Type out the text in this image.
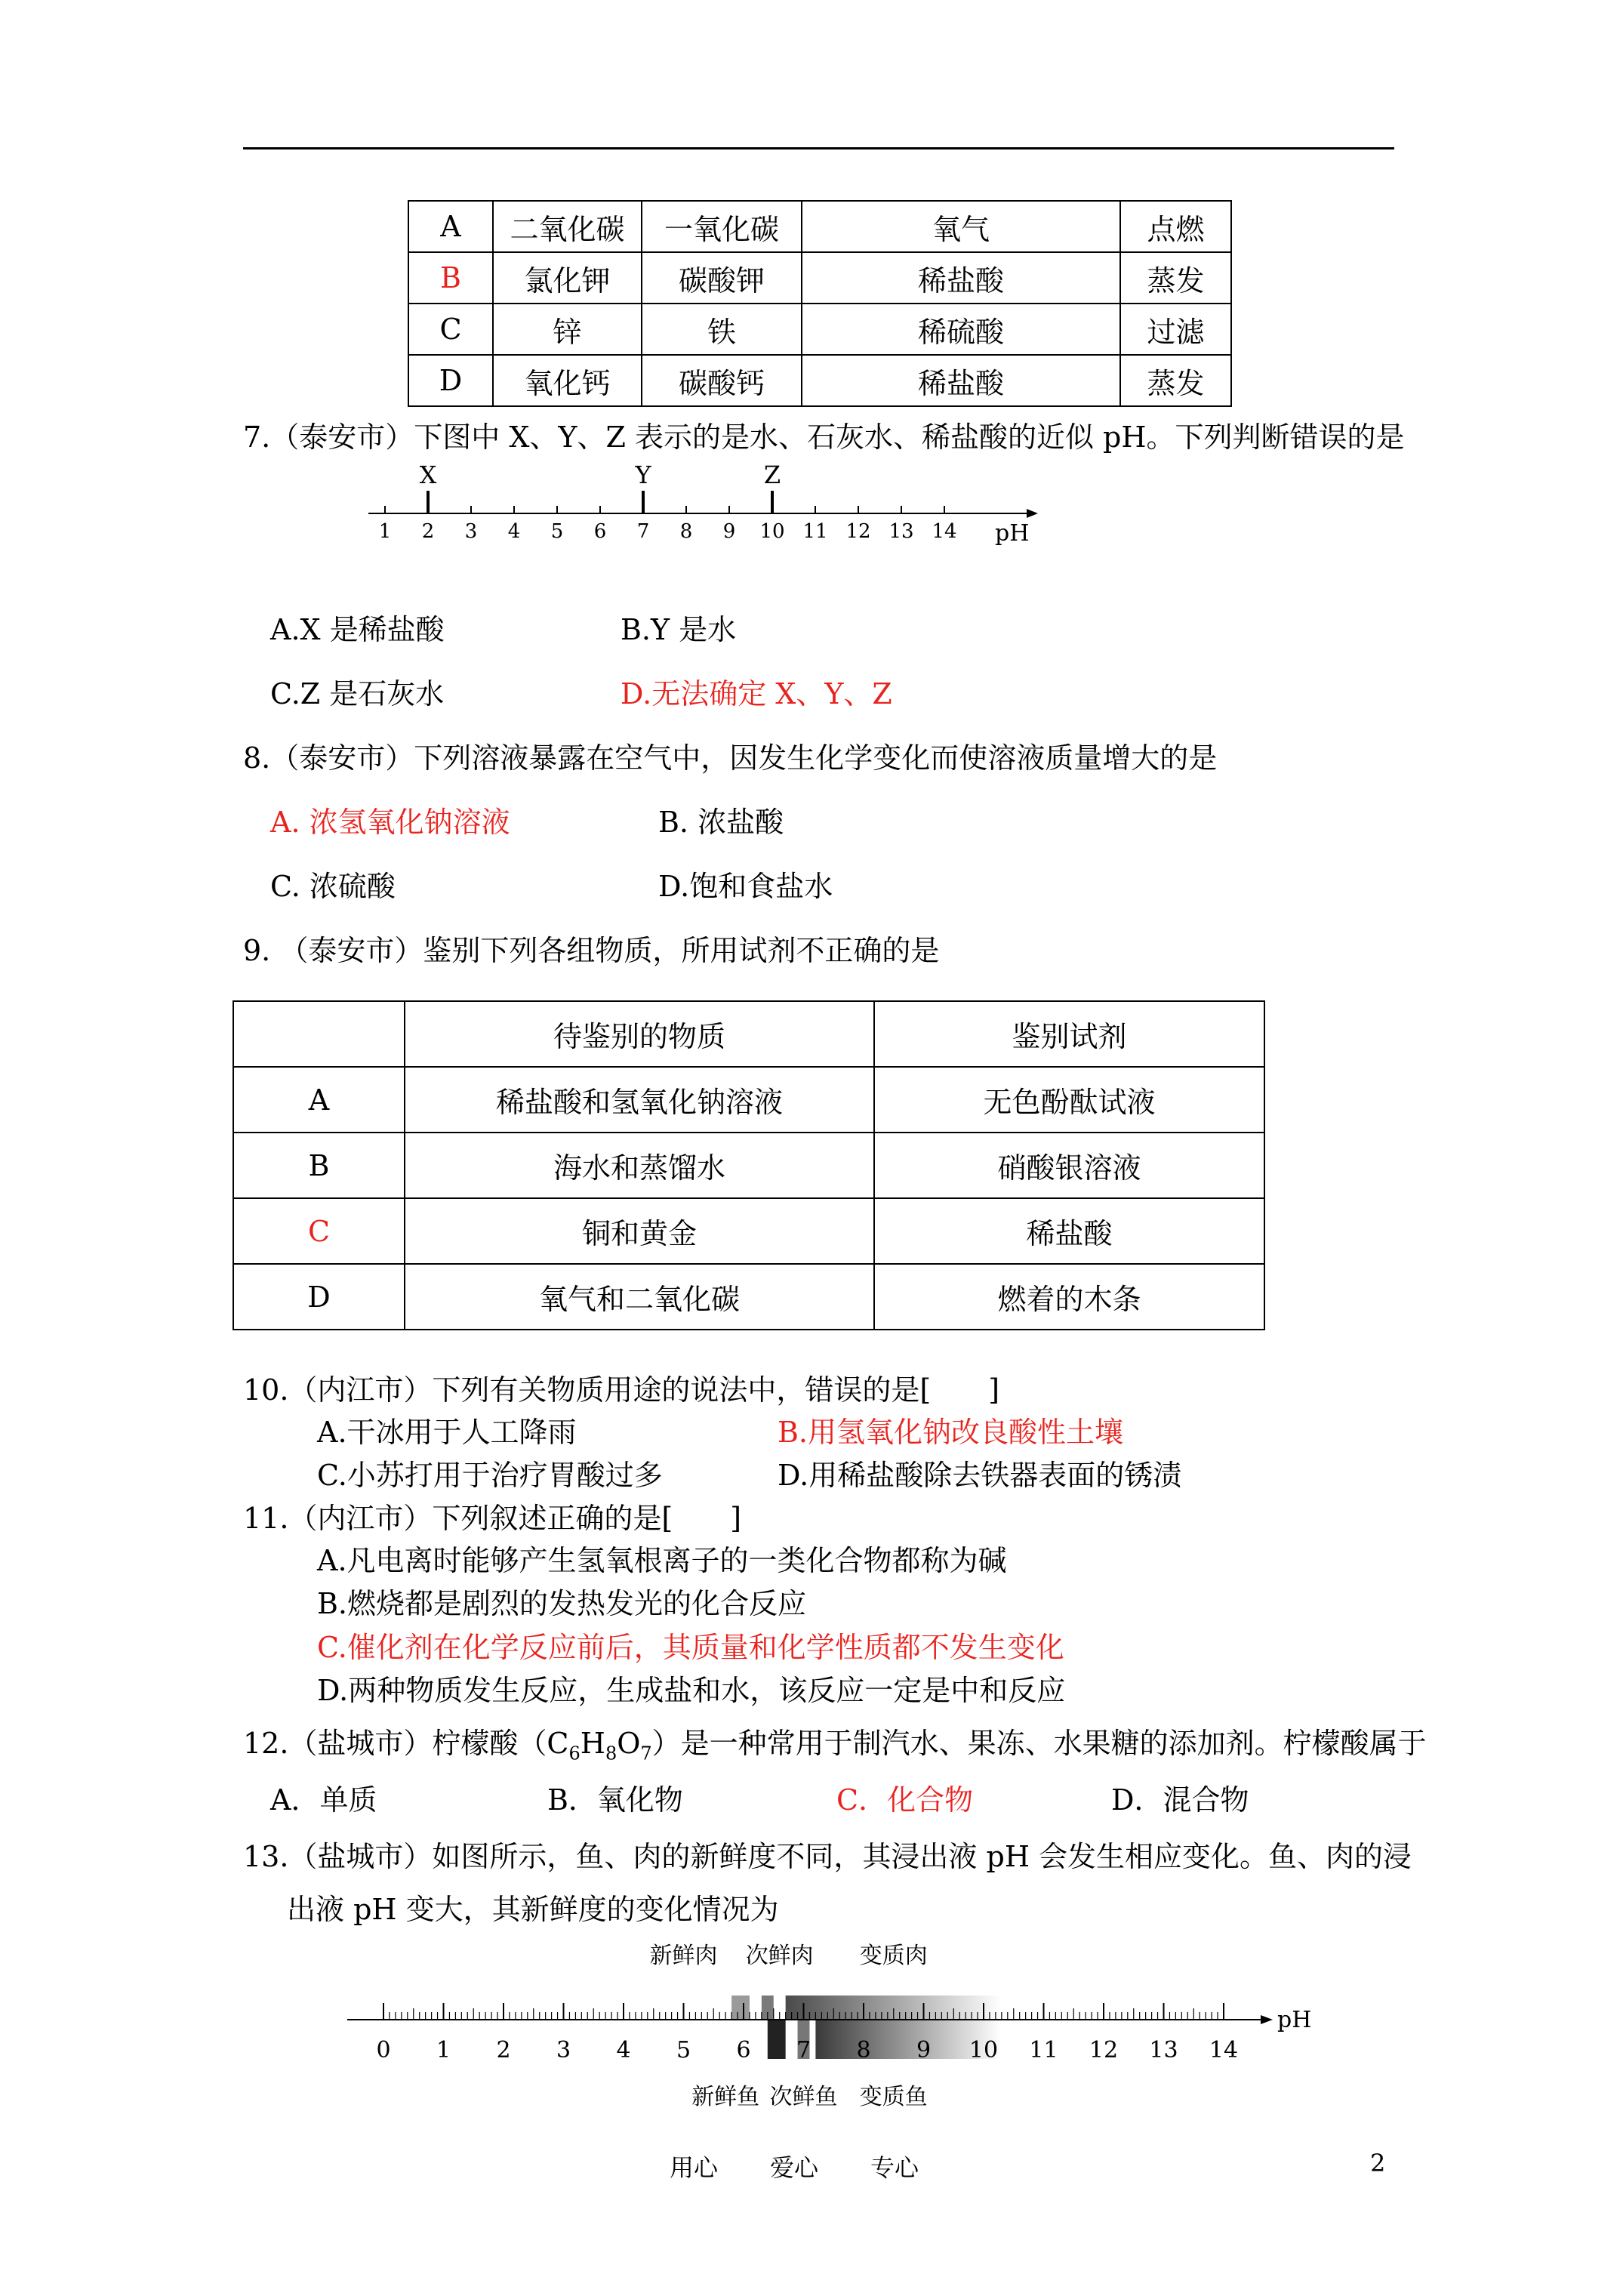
A	二氧化碳	一氧化碳	氧气	点燃
B	氯化钾	碳酸钾	稀盐酸	蒸发
C	锌	铁	稀硫酸	过滤
D	氧化钙	碳酸钙	稀盐酸	蒸发
7.（泰安市）下图中 X、Y、Z 表示的是水、石灰水、稀盐酸的近似 pH。下列判断错误的是
1 2 3 4 5 6 7 8 9 10 11 12 13 14 pH
X	Y	Z
A.X 是稀盐酸	B.Y 是水
C.Z 是石灰水	D.无法确定 X、Y、Z
8.（泰安市）下列溶液暴露在空气中，因发生化学变化而使溶液质量增大的是
A. 浓氢氧化钠溶液	B. 浓盐酸
C. 浓硫酸	D.饱和食盐水
9. （泰安市）鉴别下列各组物质，所用试剂不正确的是
	待鉴别的物质	鉴别试剂
A	稀盐酸和氢氧化钠溶液	无色酚酞试液
B	海水和蒸馏水	硝酸银溶液
C	铜和黄金	稀盐酸
D	氧气和二氧化碳	燃着的木条
10.（内江市）下列有关物质用途的说法中，错误的是[　　]
A.干冰用于人工降雨	B.用氢氧化钠改良酸性土壤
C.小苏打用于治疗胃酸过多	D.用稀盐酸除去铁器表面的锈渍
11.（内江市）下列叙述正确的是[　　]
A.凡电离时能够产生氢氧根离子的一类化合物都称为碱
B.燃烧都是剧烈的发热发光的化合反应
C.催化剂在化学反应前后，其质量和化学性质都不发生变化
D.两种物质发生反应，生成盐和水，该反应一定是中和反应
12.（盐城市）柠檬酸$(C_6H_8O_7)$是一种常用于制汽水、果冻、水果糖的添加剂。柠檬酸属于
A．单质	B．氧化物	C．化合物	D．混合物
13.（盐城市）如图所示，鱼、肉的新鲜度不同，其浸出液 pH 会发生相应变化。鱼、肉的浸
出液 pH 变大，其新鲜度的变化情况为
0 1 2 3 4 5 6 7 8 9 10 11 12 13 14
pH
新鲜肉 次鲜肉 变质肉
新鲜鱼 次鲜鱼 变质鱼
用心 爱心 专心	2
